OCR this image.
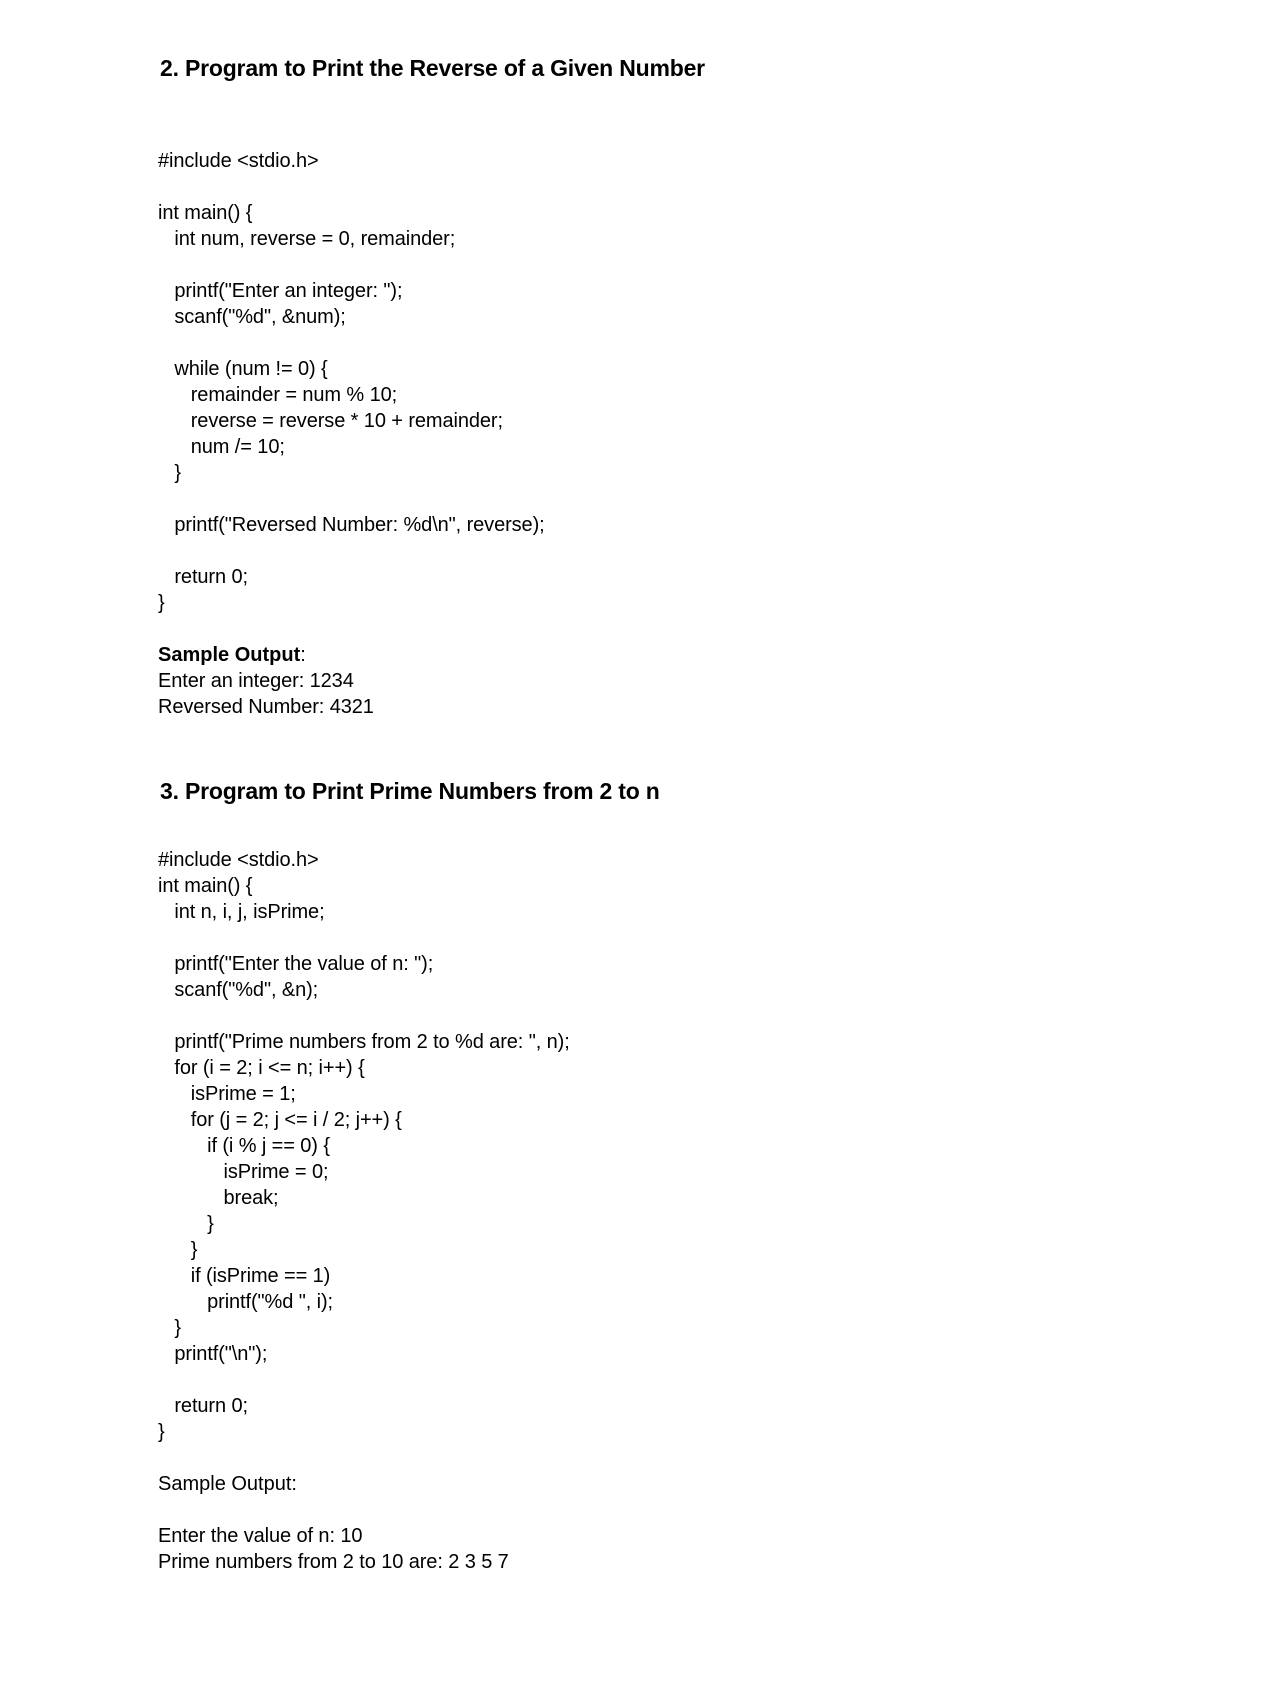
2. Program to Print the Reverse of a Given Number
#include <stdio.h>
int main() {
int num, reverse = 0, remainder;
printf("Enter an integer: ");
scanf("%d", &num);
while (num != 0) {
remainder = num % 10;
reverse = reverse * 10 + remainder;
num /= 10;
}
printf("Reversed Number: %d\n", reverse);
return 0;
}

Sample Output:

Enter an integer: 1234
Reversed Number: 4321
3. Program to Print Prime Numbers from 2 to n
#include <stdio.h>
int main() {
int n, i, j, isPrime;
printf("Enter the value of n: ");
scanf("%d", &n);
printf("Prime numbers from 2 to %d are: ", n);
for (i = 2; i <= n; i++) {
isPrime = 1;
for (j = 2; j <= i / 2; j++) {
if (i % j == 0) {
isPrime = 0;
break;
}
}
if (isPrime == 1)
printf("%d ", i);
}
printf("\n");
return 0;
}

Sample Output:

Enter the value of n: 10
Prime numbers from 2 to 10 are: 2 3 5 7
